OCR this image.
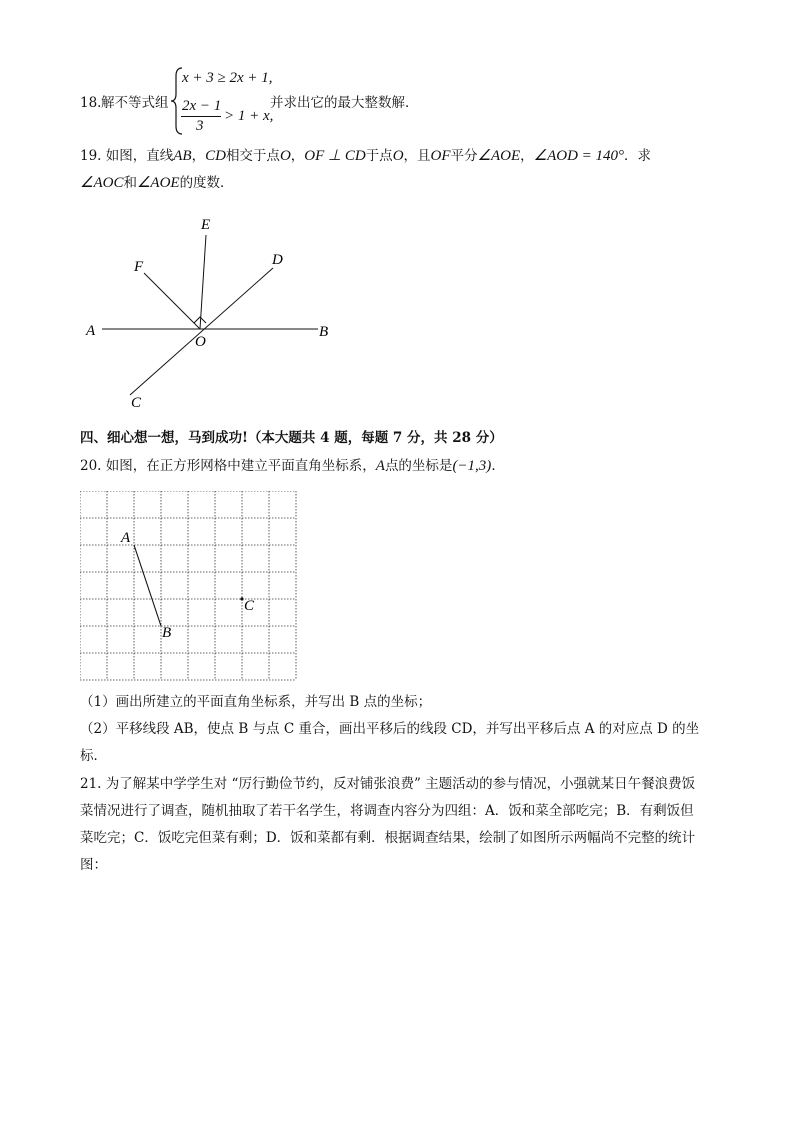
18. 解不等式组
x + 3 ≥ 2x + 1,
2x − 1
3
> 1 + x,
并求出它的最大整数解．
19. 如图，直线AB，CD相交于点O，OF ⊥ CD于点O，且OF平分∠AOE，∠AOD = 140°．求
∠AOC和∠AOE的度数．
E
F	D
A
O
B
C
四、细心想一想，马到成功!（本大题共 4 题，每题 7 分，共 28 分）
20. 如图，在正方形网格中建立平面直角坐标系，A点的坐标是(−1,3)．
A
B
C
（1）画出所建立的平面直角坐标系，并写出 B 点的坐标；
（2）平移线段 AB，使点 B 与点 C 重合，画出平移后的线段 CD，并写出平移后点 A 的对应点 D 的坐
标．
21. 为了解某中学学生对 “厉行勤俭节约，反对铺张浪费” 主题活动的参与情况，小强就某日午餐浪费饭
菜情况进行了调查，随机抽取了若干名学生，将调查内容分为四组：A．饭和菜全部吃完；B．有剩饭但
菜吃完；C．饭吃完但菜有剩；D．饭和菜都有剩．根据调查结果，绘制了如图所示两幅尚不完整的统计
图：
